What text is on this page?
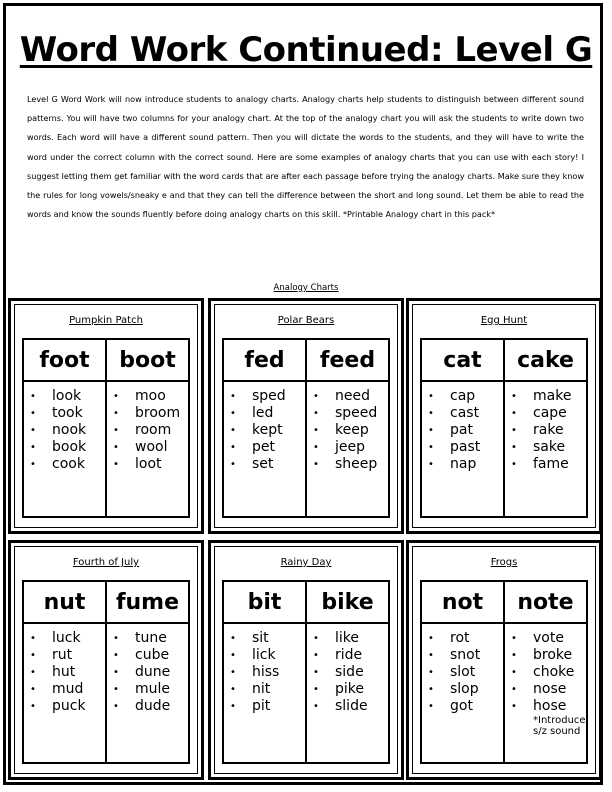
Word Work Continued: Level G
Level G Word Work will now introduce students to analogy charts. Analogy charts help students to distinguish between different sound patterns. You will have two columns for your analogy chart. At the top of the analogy chart you will ask the students to write down two words. Each word will have a different sound pattern. Then you will dictate the words to the students, and they will have to write the word under the correct column with the correct sound. Here are some examples of analogy charts that you can use with each story! I suggest letting them get familiar with the word cards that are after each passage before trying the analogy charts. Make sure they know the rules for long vowels/sneaky e and that they can tell the difference between the short and long sound. Let them be able to read the words and know the sounds fluently before doing analogy charts on this skill. *Printable Analogy chart in this pack*
Analogy Charts
Pumpkin Patch
foot
• look
• took
• nook
• book
• cook
boot
• moo
• broom
• room
• wool
• loot
Polar Bears
fed
• sped
• led
• kept
• pet
• set
feed
• need
• speed
• keep
• jeep
• sheep
Egg Hunt
cat
• cap
• cast
• pat
• past
• nap
cake
• make
• cape
• rake
• sake
• fame
Fourth of July
nut
• luck
• rut
• hut
• mud
• puck
fume
• tune
• cube
• dune
• mule
• dude
Rainy Day
bit
• sit
• lick
• hiss
• nit
• pit
bike
• like
• ride
• side
• pike
• slide
Frogs
not
• rot
• snot
• slot
• slop
• got
note
• vote
• broke
• choke
• nose
• hose
*Introduce s/z sound
